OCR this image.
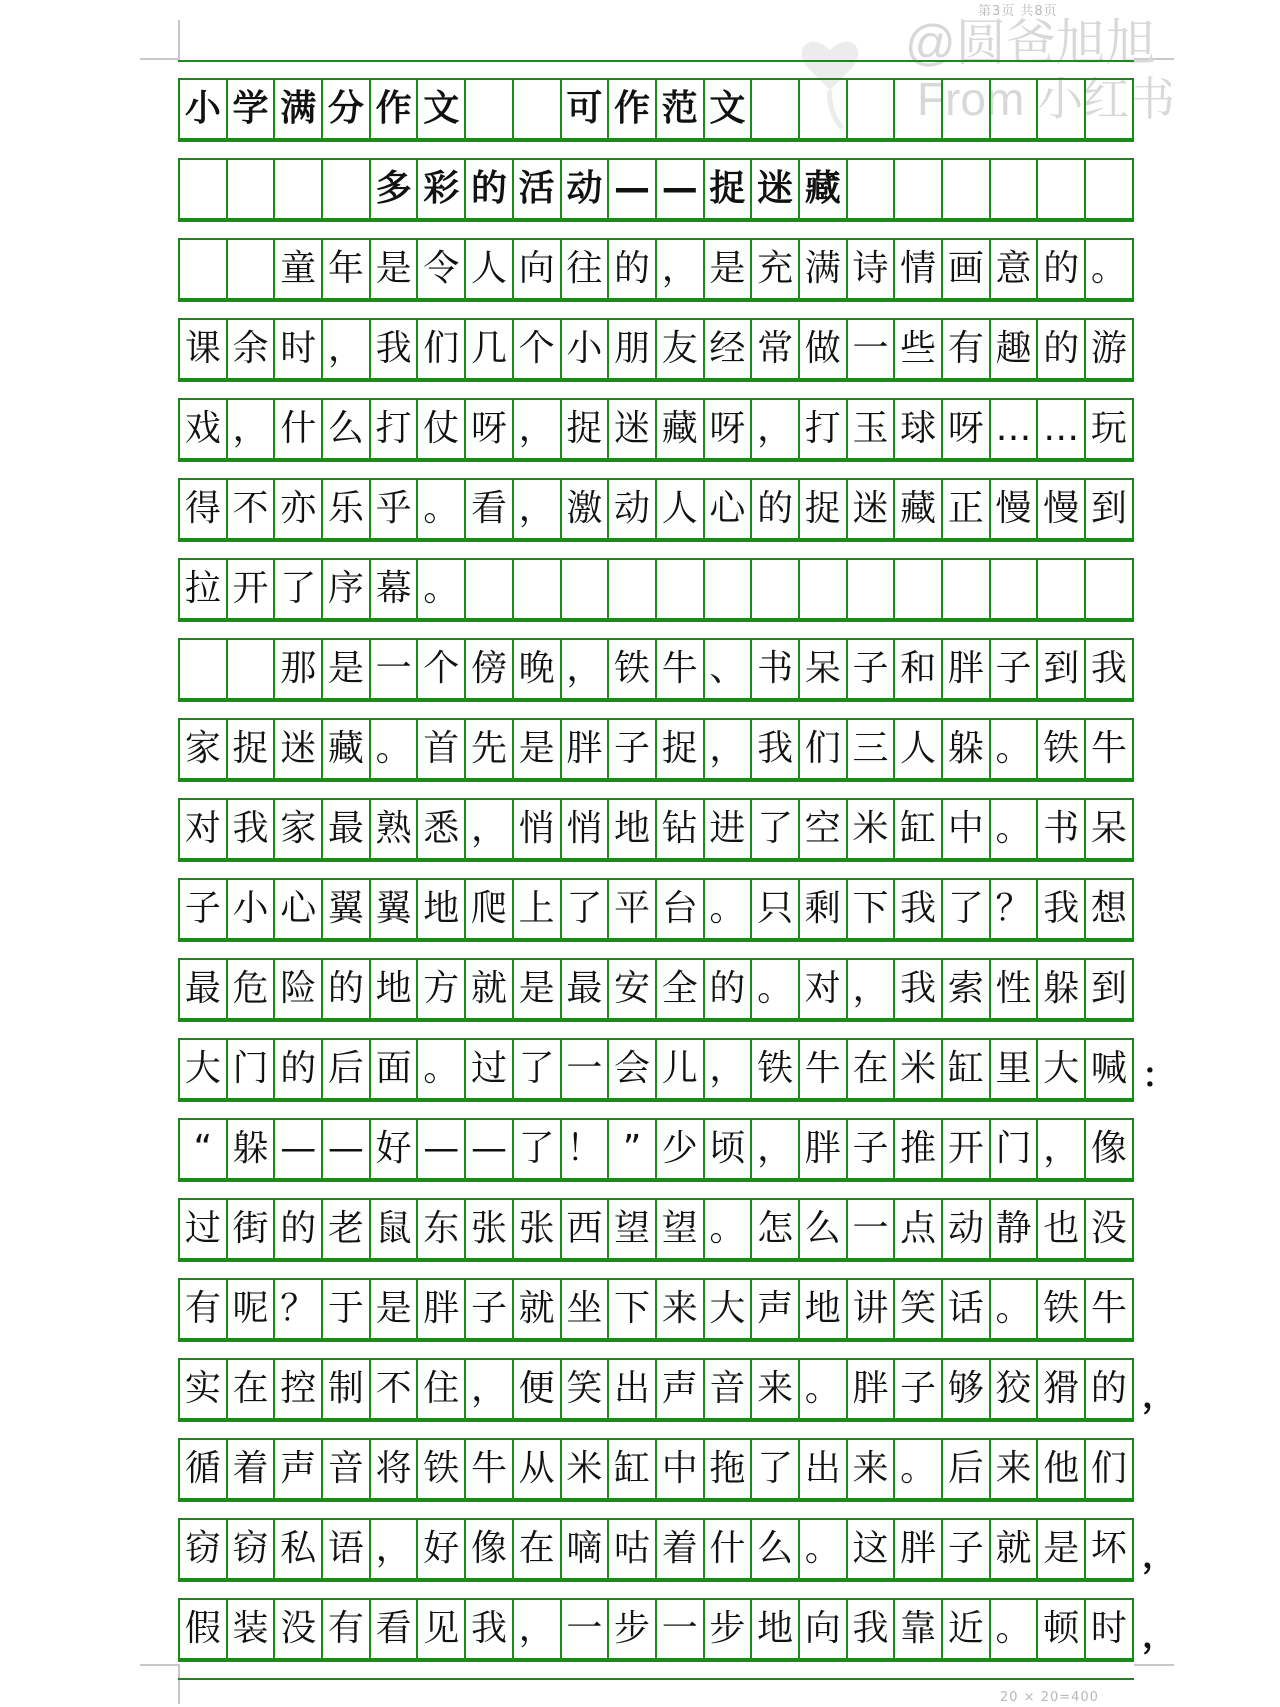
第3页 共8页
@圆爸旭旭
From 小红书
小 学 满 分 作 文	可 作 范 文
多 彩 的 活 动 — — 捉 迷 藏
童 年 是 令 人 向 往 的 ， 是 充 满 诗 情 画 意 的 。
课 余 时 ， 我 们 几 个 小 朋 友 经 常 做 一 些 有 趣 的 游
戏 ， 什 么 打 仗 呀 ， 捉 迷 藏 呀 ， 打 玉 球 呀 … … 玩
得 不 亦 乐 乎 。 看 ， 激 动 人 心 的 捉 迷 藏 正 慢 慢 到
拉 开 了 序 幕 。
那 是 一 个 傍 晚 ， 铁 牛 、 书 呆 子 和 胖 子 到 我
家 捉 迷 藏 。 首 先 是 胖 子 捉 ， 我 们 三 人 躲 。 铁 牛
对 我 家 最 熟 悉 ， 悄 悄 地 钻 进 了 空 米 缸 中 。 书 呆
子 小 心 翼 翼 地 爬 上 了 平 台 。 只 剩 下 我 了 ？ 我 想
最 危 险 的 地 方 就 是 最 安 全 的 。 对 ， 我 索 性 躲 到
大 门 的 后 面 。 过 了 一 会 儿 ， 铁 牛 在 米 缸 里 大 喊
“ 躲 — — 好 — — 了 ！ ” 少 顷 ， 胖 子 推 开 门 ， 像
过 街 的 老 鼠 东 张 张 西 望 望 。 怎 么 一 点 动 静 也 没
有 呢 ？ 于 是 胖 子 就 坐 下 来 大 声 地 讲 笑 话 。 铁 牛
实 在 控 制 不 住 ， 便 笑 出 声 音 来 。 胖 子 够 狡 猾 的
循 着 声 音 将 铁 牛 从 米 缸 中 拖 了 出 来 。 后 来 他 们
窃 窃 私 语 ， 好 像 在 嘀 咕 着 什 么 。 这 胖 子 就 是 坏
假 装 没 有 看 见 我 ， 一 步 一 步 地 向 我 靠 近 。 顿 时
20 × 20=400
：
，
，
，
